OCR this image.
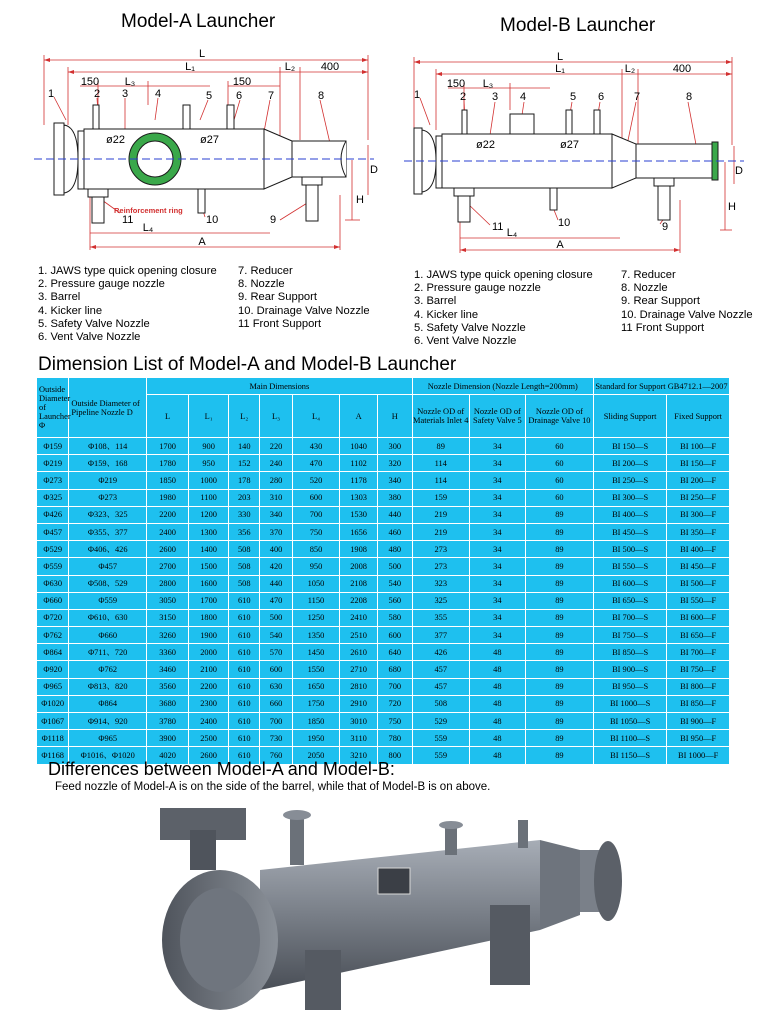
Model-A Launcher
L
L₁	L₂ 400
150 L₃	150
L₄
A
H
D
ø22	ø27
1	2 3 4	5 6 7	8
9
10
11
Reinforcement ring
1. JAWS type quick opening closure
2. Pressure gauge nozzle
3. Barrel
4. Kicker line
5. Safety Valve Nozzle
6. Vent Valve Nozzle
7. Reducer
8. Nozzle
9. Rear Support
10. Drainage Valve Nozzle
11 Front Support
Model-B Launcher
L
L₁	L₂	400
150 L₃
L₄
A
H
D
ø22	ø27
1	2 3 4	5 6	7	8
9
10
11
1. JAWS type quick opening closure
2. Pressure gauge nozzle
3. Barrel
4. Kicker line
5. Safety Valve Nozzle
6. Vent Valve Nozzle
7. Reducer
8. Nozzle
9. Rear Support
10. Drainage Valve Nozzle
11 Front Support
Dimension List of Model-A and Model-B Launcher
Outside Diameter of Launcher Φ	Outside Diameter of Pipeline Nozzle D	Main Dimensions							Nozzle Dimension (Nozzle Length=200mm)			Standard for Support GB4712.1—2007	
		L	L₁	L₂	L₃	L₄	A	H	Nozzle OD of Materials Inlet 4	Nozzle OD of Safety Valve 5	Nozzle OD of Drainage Valve 10	Sliding Support	Fixed Support
Φ159	Φ108、114	1700	900	140	220	430	1040	300	89	34	60	BI 150—S	BI 100—F
Φ219	Φ159、168	1780	950	152	240	470	1102	320	114	34	60	BI 200—S	BI 150—F
Φ273	Φ219	1850	1000	178	280	520	1178	340	114	34	60	BI 250—S	BI 200—F
Φ325	Φ273	1980	1100	203	310	600	1303	380	159	34	60	BI 300—S	BI 250—F
Φ426	Φ323、325	2200	1200	330	340	700	1530	440	219	34	89	BI 400—S	BI 300—F
Φ457	Φ355、377	2400	1300	356	370	750	1656	460	219	34	89	BI 450—S	BI 350—F
Φ529	Φ406、426	2600	1400	508	400	850	1908	480	273	34	89	BI 500—S	BI 400—F
Φ559	Φ457	2700	1500	508	420	950	2008	500	273	34	89	BI 550—S	BI 450—F
Φ630	Φ508、529	2800	1600	508	440	1050	2108	540	323	34	89	BI 600—S	BI 500—F
Φ660	Φ559	3050	1700	610	470	1150	2208	560	325	34	89	BI 650—S	BI 550—F
Φ720	Φ610、630	3150	1800	610	500	1250	2410	580	355	34	89	BI 700—S	BI 600—F
Φ762	Φ660	3260	1900	610	540	1350	2510	600	377	34	89	BI 750—S	BI 650—F
Φ864	Φ711、720	3360	2000	610	570	1450	2610	640	426	48	89	BI 850—S	BI 700—F
Φ920	Φ762	3460	2100	610	600	1550	2710	680	457	48	89	BI 900—S	BI 750—F
Φ965	Φ813、820	3560	2200	610	630	1650	2810	700	457	48	89	BI 950—S	BI 800—F
Φ1020	Φ864	3680	2300	610	660	1750	2910	720	508	48	89	BI 1000—S	BI 850—F
Φ1067	Φ914、920	3780	2400	610	700	1850	3010	750	529	48	89	BI 1050—S	BI 900—F
Φ1118	Φ965	3900	2500	610	730	1950	3110	780	559	48	89	BI 1100—S	BI 950—F
Φ1168	Φ1016、Φ1020	4020	2600	610	760	2050	3210	800	559	48	89	BI 1150—S	BI 1000—F
Differences between Model-A and Model-B:
Feed nozzle of Model-A is on the side of the barrel, while that of Model-B is on above.
